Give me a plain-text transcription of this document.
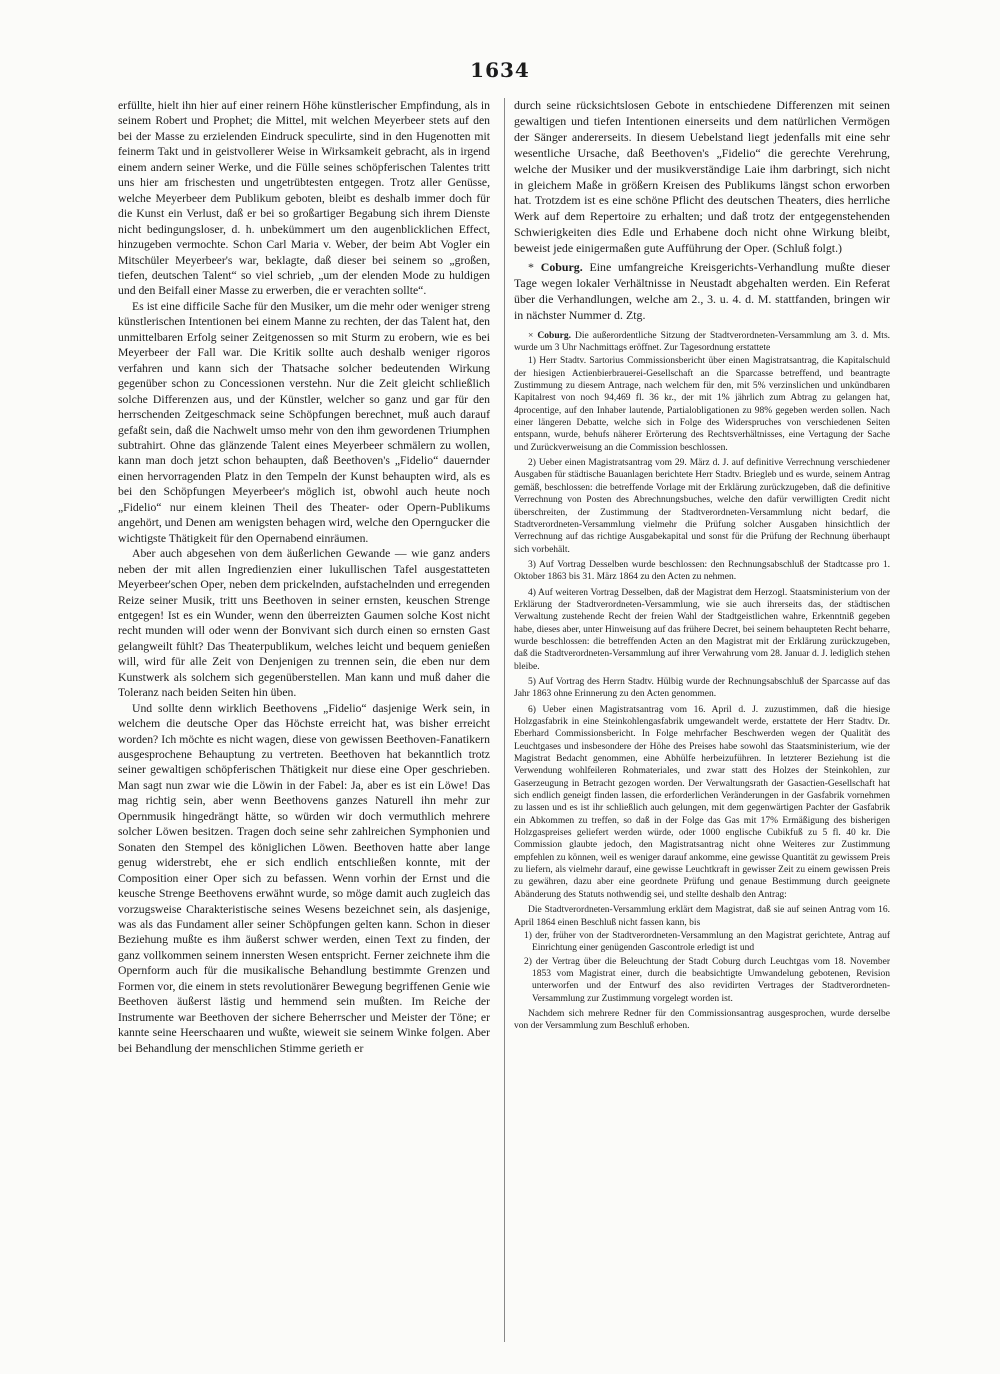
1634

erfüllte, hielt ihn hier auf einer reinern Höhe künstlerischer Empfindung, als in seinem Robert und Prophet; die Mittel, mit welchen Meyerbeer stets auf den bei der Masse zu erzielenden Eindruck speculirte, sind in den Hugenotten mit feinerm Takt und in geistvollerer Weise in Wirksamkeit gebracht, als in irgend einem andern seiner Werke, und die Fülle seines schöpferischen Talentes tritt uns hier am frischesten und ungetrübtesten entgegen. Trotz aller Genüsse, welche Meyerbeer dem Publikum geboten, bleibt es deshalb immer doch für die Kunst ein Verlust, daß er bei so großartiger Begabung sich ihrem Dienste nicht bedingungsloser, d. h. unbekümmert um den augenblicklichen Effect, hinzugeben vermochte. Schon Carl Maria v. Weber, der beim Abt Vogler ein Mitschüler Meyerbeer's war, beklagte, daß dieser bei seinem so „großen, tiefen, deutschen Talent“ so viel schrieb, „um der elenden Mode zu huldigen und den Beifall einer Masse zu erwerben, die er verachten sollte“.

Es ist eine difficile Sache für den Musiker, um die mehr oder weniger streng künstlerischen Intentionen bei einem Manne zu rechten, der das Talent hat, den unmittelbaren Erfolg seiner Zeitgenossen so mit Sturm zu erobern, wie es bei Meyerbeer der Fall war. Die Kritik sollte auch deshalb weniger rigoros verfahren und kann sich der Thatsache solcher bedeutenden Wirkung gegenüber schon zu Concessionen verstehn. Nur die Zeit gleicht schließlich solche Differenzen aus, und der Künstler, welcher so ganz und gar für den herrschenden Zeitgeschmack seine Schöpfungen berechnet, muß auch darauf gefaßt sein, daß die Nachwelt umso mehr von den ihm gewordenen Triumphen subtrahirt. Ohne das glänzende Talent eines Meyerbeer schmälern zu wollen, kann man doch jetzt schon behaupten, daß Beethoven's „Fidelio“ dauernder einen hervorragenden Platz in den Tempeln der Kunst behaupten wird, als es bei den Schöpfungen Meyerbeer's möglich ist, obwohl auch heute noch „Fidelio“ nur einem kleinen Theil des Theater- oder Opern-Publikums angehört, und Denen am wenigsten behagen wird, welche den Operngucker die wichtigste Thätigkeit für den Opernabend einräumen.

Aber auch abgesehen von dem äußerlichen Gewande — wie ganz anders neben der mit allen Ingredienzien einer lukullischen Tafel ausgestatteten Meyerbeer'schen Oper, neben dem prickelnden, aufstachelnden und erregenden Reize seiner Musik, tritt uns Beethoven in seiner ernsten, keuschen Strenge entgegen! Ist es ein Wunder, wenn den überreizten Gaumen solche Kost nicht recht munden will oder wenn der Bonvivant sich durch einen so ernsten Gast gelangweilt fühlt? Das Theaterpublikum, welches leicht und bequem genießen will, wird für alle Zeit von Denjenigen zu trennen sein, die eben nur dem Kunstwerk als solchem sich gegenüberstellen. Man kann und muß daher die Toleranz nach beiden Seiten hin üben.

Und sollte denn wirklich Beethovens „Fidelio“ dasjenige Werk sein, in welchem die deutsche Oper das Höchste erreicht hat, was bisher erreicht worden? Ich möchte es nicht wagen, diese von gewissen Beethoven-Fanatikern ausgesprochene Behauptung zu vertreten. Beethoven hat bekanntlich trotz seiner gewaltigen schöpferischen Thätigkeit nur diese eine Oper geschrieben. Man sagt nun zwar wie die Löwin in der Fabel: Ja, aber es ist ein Löwe! Das mag richtig sein, aber wenn Beethovens ganzes Naturell ihn mehr zur Opernmusik hingedrängt hätte, so würden wir doch vermuthlich mehrere solcher Löwen besitzen. Tragen doch seine sehr zahlreichen Symphonien und Sonaten den Stempel des königlichen Löwen. Beethoven hatte aber lange genug widerstrebt, ehe er sich endlich entschließen konnte, mit der Composition einer Oper sich zu befassen. Wenn vorhin der Ernst und die keusche Strenge Beethovens erwähnt wurde, so möge damit auch zugleich das vorzugsweise Charakteristische seines Wesens bezeichnet sein, als dasjenige, was als das Fundament aller seiner Schöpfungen gelten kann. Schon in dieser Beziehung mußte es ihm äußerst schwer werden, einen Text zu finden, der ganz vollkommen seinem innersten Wesen entspricht. Ferner zeichnete ihm die Opernform auch für die musikalische Behandlung bestimmte Grenzen und Formen vor, die einem in stets revolutionärer Bewegung begriffenen Genie wie Beethoven äußerst lästig und hemmend sein mußten. Im Reiche der Instrumente war Beethoven der sichere Beherrscher und Meister der Töne; er kannte seine Heerschaaren und wußte, wieweit sie seinem Winke folgen. Aber bei Behandlung der menschlichen Stimme gerieth er

durch seine rücksichtslosen Gebote in entschiedene Differenzen mit seinen gewaltigen und tiefen Intentionen einerseits und dem natürlichen Vermögen der Sänger andererseits. In diesem Uebelstand liegt jedenfalls mit eine sehr wesentliche Ursache, daß Beethoven's „Fidelio“ die gerechte Verehrung, welche der Musiker und der musikverständige Laie ihm darbringt, sich nicht in gleichem Maße in größern Kreisen des Publikums längst schon erworben hat. Trotzdem ist es eine schöne Pflicht des deutschen Theaters, dies herrliche Werk auf dem Repertoire zu erhalten; und daß trotz der entgegenstehenden Schwierigkeiten dies Edle und Erhabene doch nicht ohne Wirkung bleibt, beweist jede einigermaßen gute Aufführung der Oper. (Schluß folgt.)

* Coburg. Eine umfangreiche Kreisgerichts-Verhandlung mußte dieser Tage wegen lokaler Verhältnisse in Neustadt abgehalten werden. Ein Referat über die Verhandlungen, welche am 2., 3. u. 4. d. M. stattfanden, bringen wir in nächster Nummer d. Ztg.

× Coburg. Die außerordentliche Sitzung der Stadtverordneten-Versammlung am 3. d. Mts. wurde um 3 Uhr Nachmittags eröffnet. Zur Tagesordnung erstattete

1) Herr Stadtv. Sartorius Commissionsbericht über einen Magistratsantrag, die Kapitalschuld der hiesigen Actienbierbrauerei-Gesellschaft an die Sparcasse betreffend, und beantragte Zustimmung zu diesem Antrage, nach welchem für den, mit 5% verzinslichen und unkündbaren Kapitalrest von noch 94,469 fl. 36 kr., der mit 1% jährlich zum Abtrag zu gelangen hat, 4procentige, auf den Inhaber lautende, Partialobligationen zu 98% gegeben werden sollen. Nach einer längeren Debatte, welche sich in Folge des Widerspruches von verschiedenen Seiten entspann, wurde, behufs näherer Erörterung des Rechtsverhältnisses, eine Vertagung der Sache und Zurückverweisung an die Commission beschlossen.

2) Ueber einen Magistratsantrag vom 29. März d. J. auf definitive Verrechnung verschiedener Ausgaben für städtische Bauanlagen berichtete Herr Stadtv. Briegleb und es wurde, seinem Antrag gemäß, beschlossen: die betreffende Vorlage mit der Erklärung zurückzugeben, daß die definitive Verrechnung von Posten des Abrechnungsbuches, welche den dafür verwilligten Credit nicht überschreiten, der Zustimmung der Stadtverordneten-Versammlung nicht bedarf, die Stadtverordneten-Versammlung vielmehr die Prüfung solcher Ausgaben hinsichtlich der Verrechnung auf das richtige Ausgabekapital und sonst für die Prüfung der Rechnung überhaupt sich vorbehält.

3) Auf Vortrag Desselben wurde beschlossen: den Rechnungsabschluß der Stadtcasse pro 1. Oktober 1863 bis 31. März 1864 zu den Acten zu nehmen.

4) Auf weiteren Vortrag Desselben, daß der Magistrat dem Herzogl. Staatsministerium von der Erklärung der Stadtverordneten-Versammlung, wie sie auch ihrerseits das, der städtischen Verwaltung zustehende Recht der freien Wahl der Stadtgeistlichen wahre, Erkenntniß gegeben habe, dieses aber, unter Hinweisung auf das frühere Decret, bei seinem behaupteten Recht beharre, wurde beschlossen: die betreffenden Acten an den Magistrat mit der Erklärung zurückzugeben, daß die Stadtverordneten-Versammlung auf ihrer Verwahrung vom 28. Januar d. J. lediglich stehen bleibe.

5) Auf Vortrag des Herrn Stadtv. Hülbig wurde der Rechnungsabschluß der Sparcasse auf das Jahr 1863 ohne Erinnerung zu den Acten genommen.

6) Ueber einen Magistratsantrag vom 16. April d. J. zuzustimmen, daß die hiesige Holzgasfabrik in eine Steinkohlengasfabrik umgewandelt werde, erstattete der Herr Stadtv. Dr. Eberhard Commissionsbericht. In Folge mehrfacher Beschwerden wegen der Qualität des Leuchtgases und insbesondere der Höhe des Preises habe sowohl das Staatsministerium, wie der Magistrat Bedacht genommen, eine Abhülfe herbeizuführen. In letzterer Beziehung ist die Verwendung wohlfeileren Rohmateriales, und zwar statt des Holzes der Steinkohlen, zur Gaserzeugung in Betracht gezogen worden. Der Verwaltungsrath der Gasactien-Gesellschaft hat sich endlich geneigt finden lassen, die erforderlichen Veränderungen in der Gasfabrik vornehmen zu lassen und es ist ihr schließlich auch gelungen, mit dem gegenwärtigen Pachter der Gasfabrik ein Abkommen zu treffen, so daß in der Folge das Gas mit 17% Ermäßigung des bisherigen Holzgaspreises geliefert werden würde, oder 1000 englische Cubikfuß zu 5 fl. 40 kr. Die Commission glaubte jedoch, den Magistratsantrag nicht ohne Weiteres zur Zustimmung empfehlen zu können, weil es weniger darauf ankomme, eine gewisse Quantität zu gewissem Preis zu liefern, als vielmehr darauf, eine gewisse Leuchtkraft in gewisser Zeit zu einem gewissen Preis zu gewähren, dazu aber eine geordnete Prüfung und genaue Bestimmung durch geeignete Abänderung des Statuts nothwendig sei, und stellte deshalb den Antrag:

Die Stadtverordneten-Versammlung erklärt dem Magistrat, daß sie auf seinen Antrag vom 16. April 1864 einen Beschluß nicht fassen kann, bis

1) der, früher von der Stadtverordneten-Versammlung an den Magistrat gerichtete, Antrag auf Einrichtung einer genügenden Gascontrole erledigt ist und

2) der Vertrag über die Beleuchtung der Stadt Coburg durch Leuchtgas vom 18. November 1853 vom Magistrat einer, durch die beabsichtigte Umwandelung gebotenen, Revision unterworfen und der Entwurf des also revidirten Vertrages der Stadtverordneten-Versammlung zur Zustimmung vorgelegt worden ist.

Nachdem sich mehrere Redner für den Commissionsantrag ausgesprochen, wurde derselbe von der Versammlung zum Beschluß erhoben.
